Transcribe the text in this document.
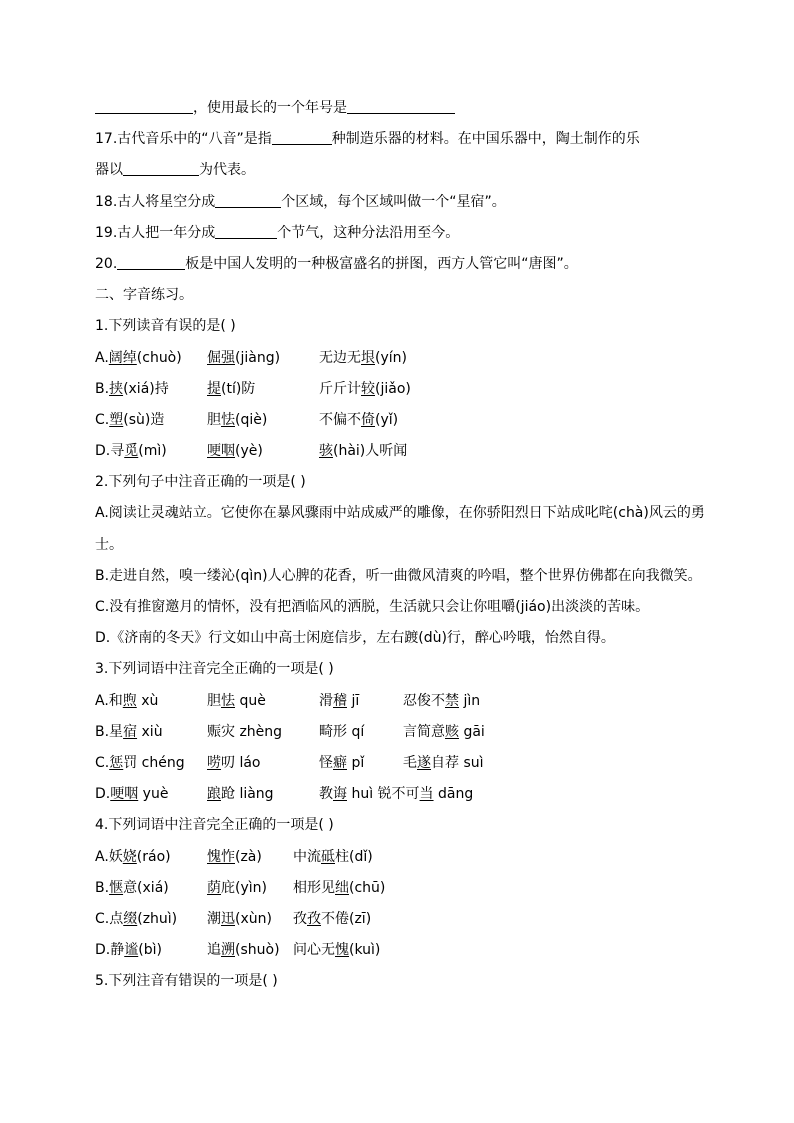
，使用最长的一个年号是
17.古代音乐中的“八音”是指	种制造乐器的材料。在中国乐器中，陶土制作的乐
器以	为代表。
18.古人将星空分成	个区域，每个区域叫做一个“星宿”。
19.古人把一年分成	个节气，这种分法沿用至今。
20.	板是中国人发明的一种极富盛名的拼图，西方人管它叫“唐图”。
二、字音练习。
1.下列读音有误的是( )
A.阔绰(chuò) 倔强(jiàng)	无边无垠(yín)
B.挟(xiá)持	提(tí)防	斤斤计较(jiǎo)
C.塑(sù)造	胆怯(qiè)	不偏不倚(yǐ)
D.寻觅(mì)	哽咽(yè)	骇(hài)人听闻
2.下列句子中注音正确的一项是( )
A.阅读让灵魂站立。它使你在暴风骤雨中站成威严的雕像，在你骄阳烈日下站成叱咤(chà)风云的勇士。
B.走进自然，嗅一缕沁(qìn)人心脾的花香，听一曲微风清爽的吟唱，整个世界仿佛都在向我微笑。
C.没有推窗邀月的情怀，没有把酒临风的洒脱，生活就只会让你咀嚼(jiáo)出淡淡的苦味。
D.《济南的冬天》行文如山中高士闲庭信步，左右踱(dù)行，醉心吟哦，怡然自得。
3.下列词语中注音完全正确的一项是( )
A.和煦 xù	胆怯 què	滑稽 jī	忍俊不禁 jìn
B.星宿 xiù	赈灾 zhèng	畸形 qí	言简意赅 gāi
C.惩罚 chéng 唠叨 láo	怪癖 pǐ	毛遂自荐 suì
D.哽咽 yuè	踉跄 liàng	教诲 huì 锐不可当 dāng
4.下列词语中注音完全正确的一项是( )
A.妖娆(ráo)	愧怍(zà) 中流砥柱(dǐ)
B.惬意(xiá)	荫庇(yìn) 相形见绌(chū)
C.点缀(zhuì) 潮迅(xùn) 孜孜不倦(zī)
D.静谧(bì)	追溯(shuò) 问心无愧(kuì)
5.下列注音有错误的一项是( )
